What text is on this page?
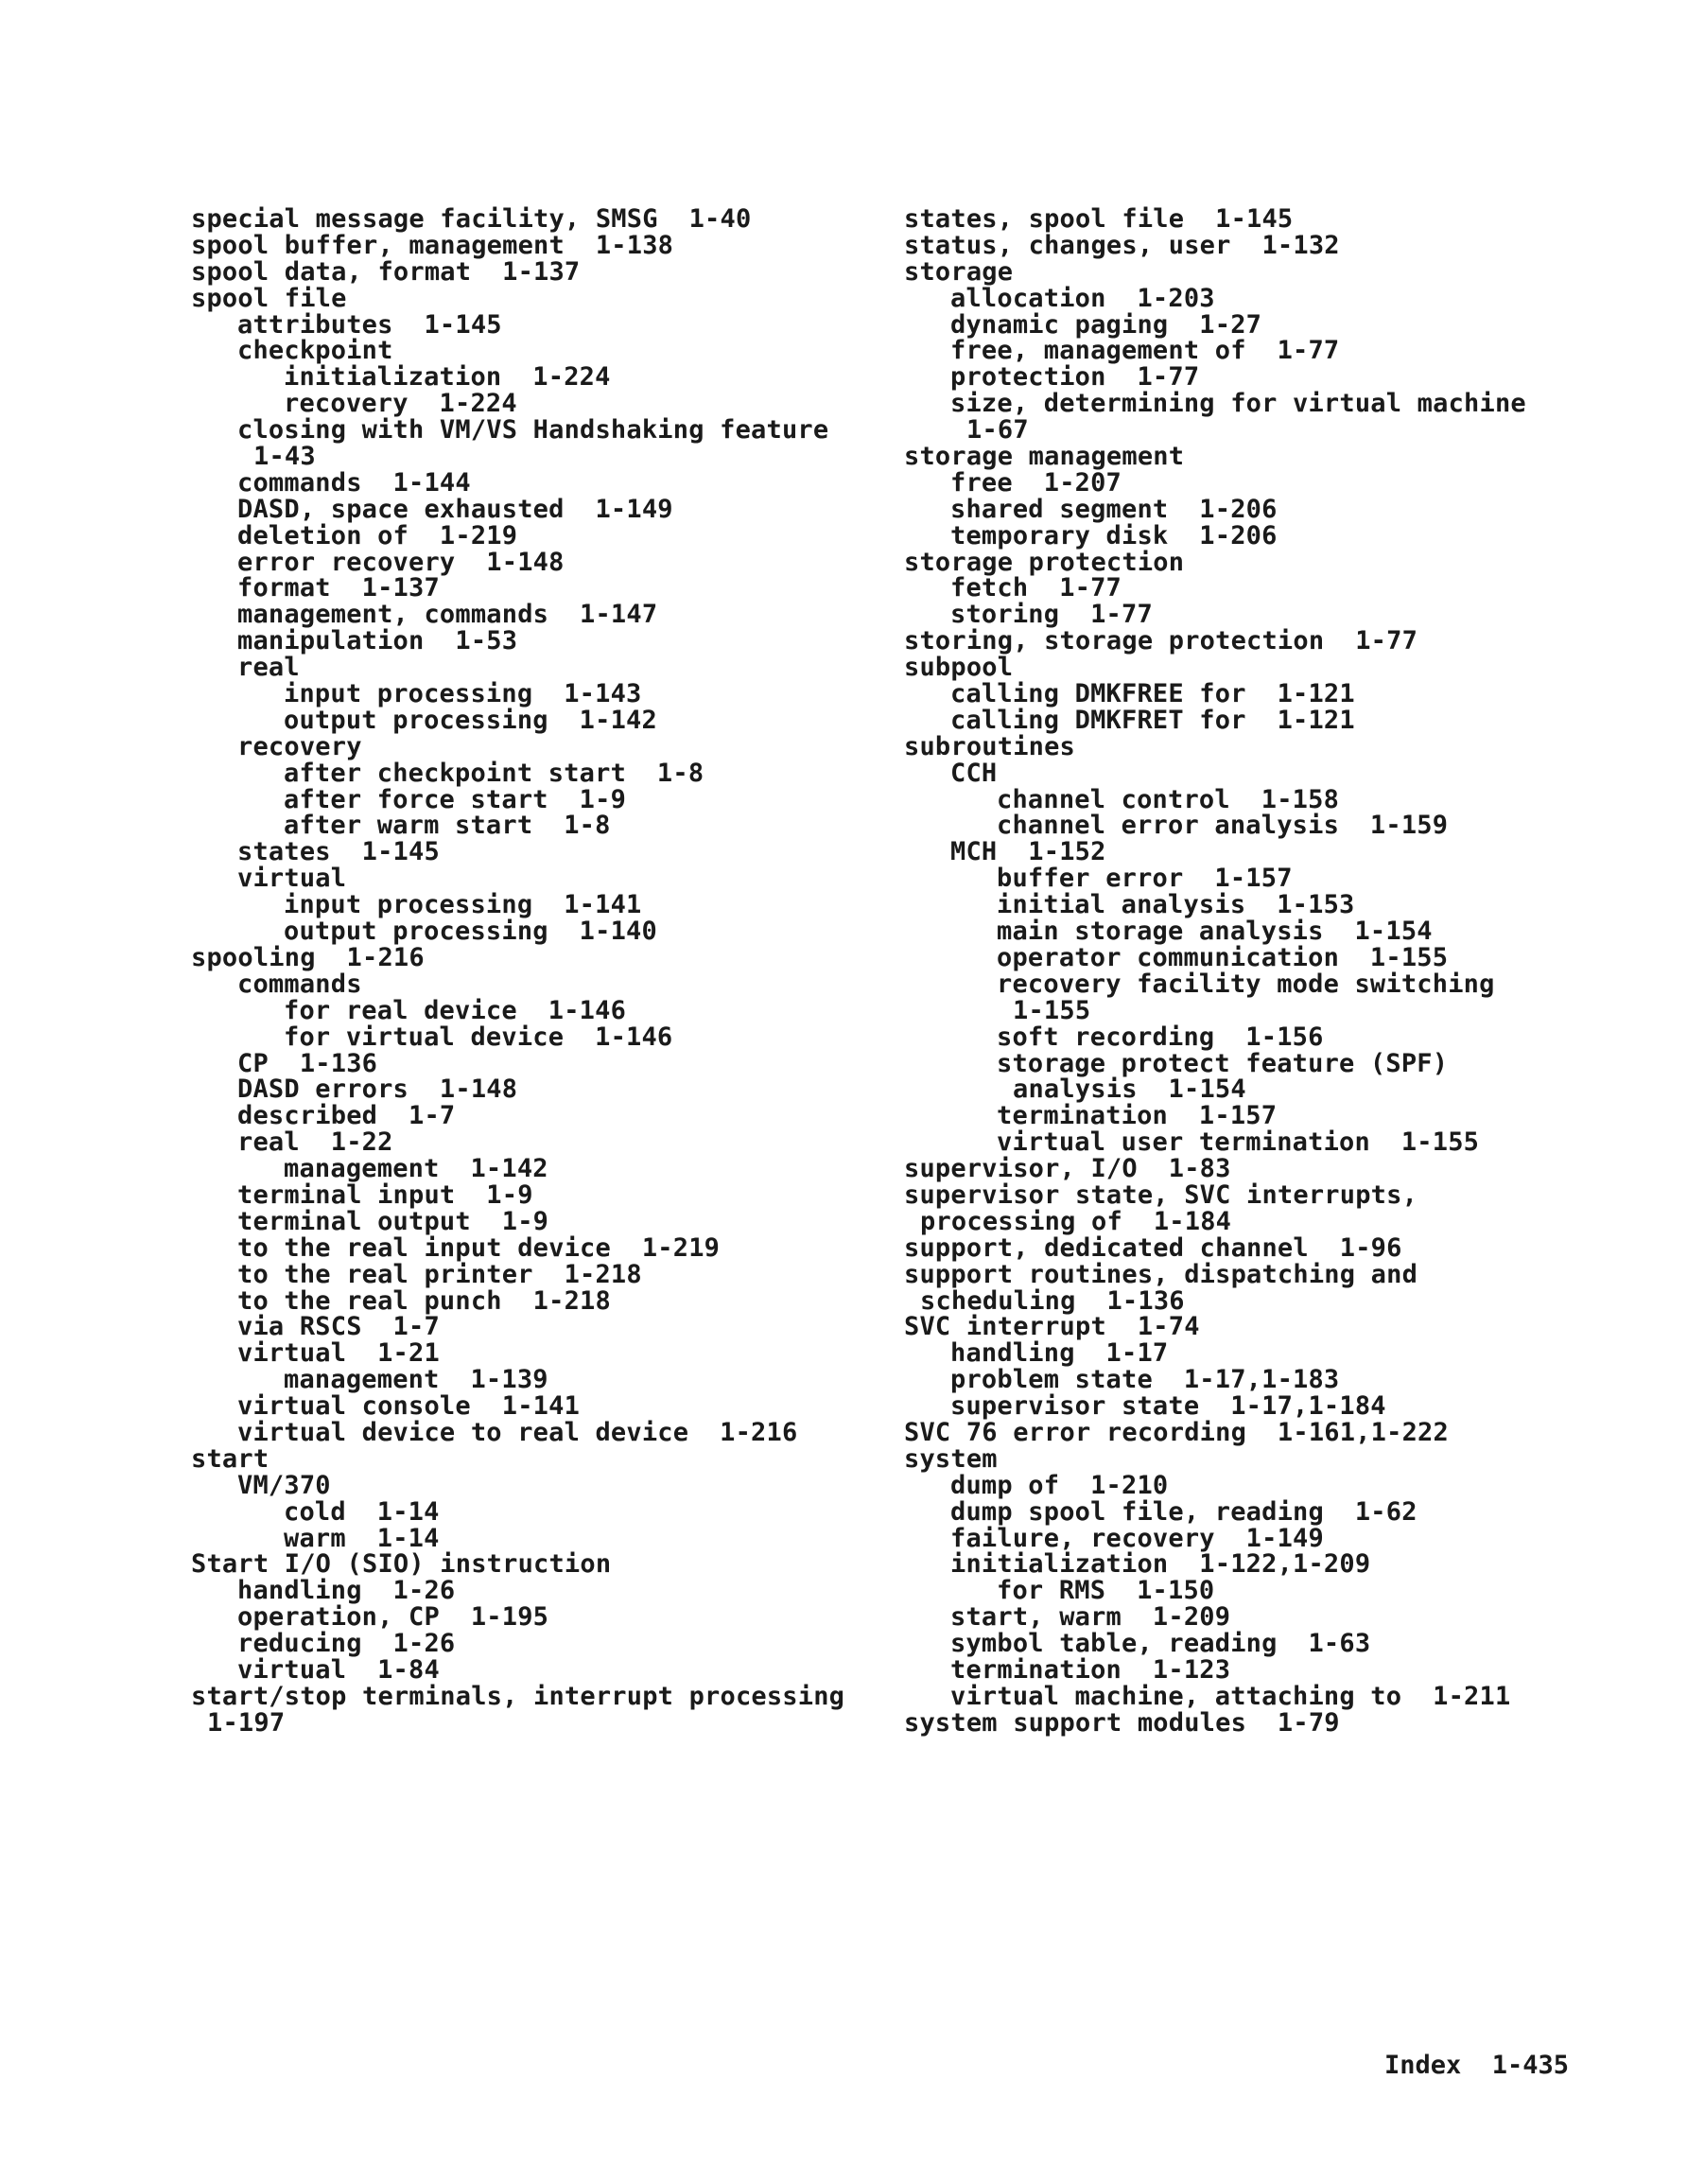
special message facility, SMSG  1-40
spool buffer, management  1-138
spool data, format  1-137
spool file
attributes  1-145
checkpoint
initialization  1-224
recovery  1-224
closing with VM/VS Handshaking feature
1-43
commands  1-144
DASD, space exhausted  1-149
deletion of  1-219
error recovery  1-148
format  1-137
management, commands  1-147
manipulation  1-53
real
input processing  1-143
output processing  1-142
recovery
after checkpoint start  1-8
after force start  1-9
after warm start  1-8
states  1-145
virtual
input processing  1-141
output processing  1-140
spooling  1-216
commands
for real device  1-146
for virtual device  1-146
CP  1-136
DASD errors  1-148
described  1-7
real  1-22
management  1-142
terminal input  1-9
terminal output  1-9
to the real input device  1-219
to the real printer  1-218
to the real punch  1-218
via RSCS  1-7
virtual  1-21
management  1-139
virtual console  1-141
virtual device to real device  1-216
start
VM/370
cold  1-14
warm  1-14
Start I/O (SIO) instruction
handling  1-26
operation, CP  1-195
reducing  1-26
virtual  1-84
start/stop terminals, interrupt processing
1-197
states, spool file  1-145
status, changes, user  1-132
storage
allocation  1-203
dynamic paging  1-27
free, management of  1-77
protection  1-77
size, determining for virtual machine
1-67
storage management
free  1-207
shared segment  1-206
temporary disk  1-206
storage protection
fetch  1-77
storing  1-77
storing, storage protection  1-77
subpool
calling DMKFREE for  1-121
calling DMKFRET for  1-121
subroutines
CCH
channel control  1-158
channel error analysis  1-159
MCH  1-152
buffer error  1-157
initial analysis  1-153
main storage analysis  1-154
operator communication  1-155
recovery facility mode switching
1-155
soft recording  1-156
storage protect feature (SPF)
analysis  1-154
termination  1-157
virtual user termination  1-155
supervisor, I/O  1-83
supervisor state, SVC interrupts,
processing of  1-184
support, dedicated channel  1-96
support routines, dispatching and
scheduling  1-136
SVC interrupt  1-74
handling  1-17
problem state  1-17,1-183
supervisor state  1-17,1-184
SVC 76 error recording  1-161,1-222
system
dump of  1-210
dump spool file, reading  1-62
failure, recovery  1-149
initialization  1-122,1-209
for RMS  1-150
start, warm  1-209
symbol table, reading  1-63
termination  1-123
virtual machine, attaching to  1-211
system support modules  1-79
Index  1-435
